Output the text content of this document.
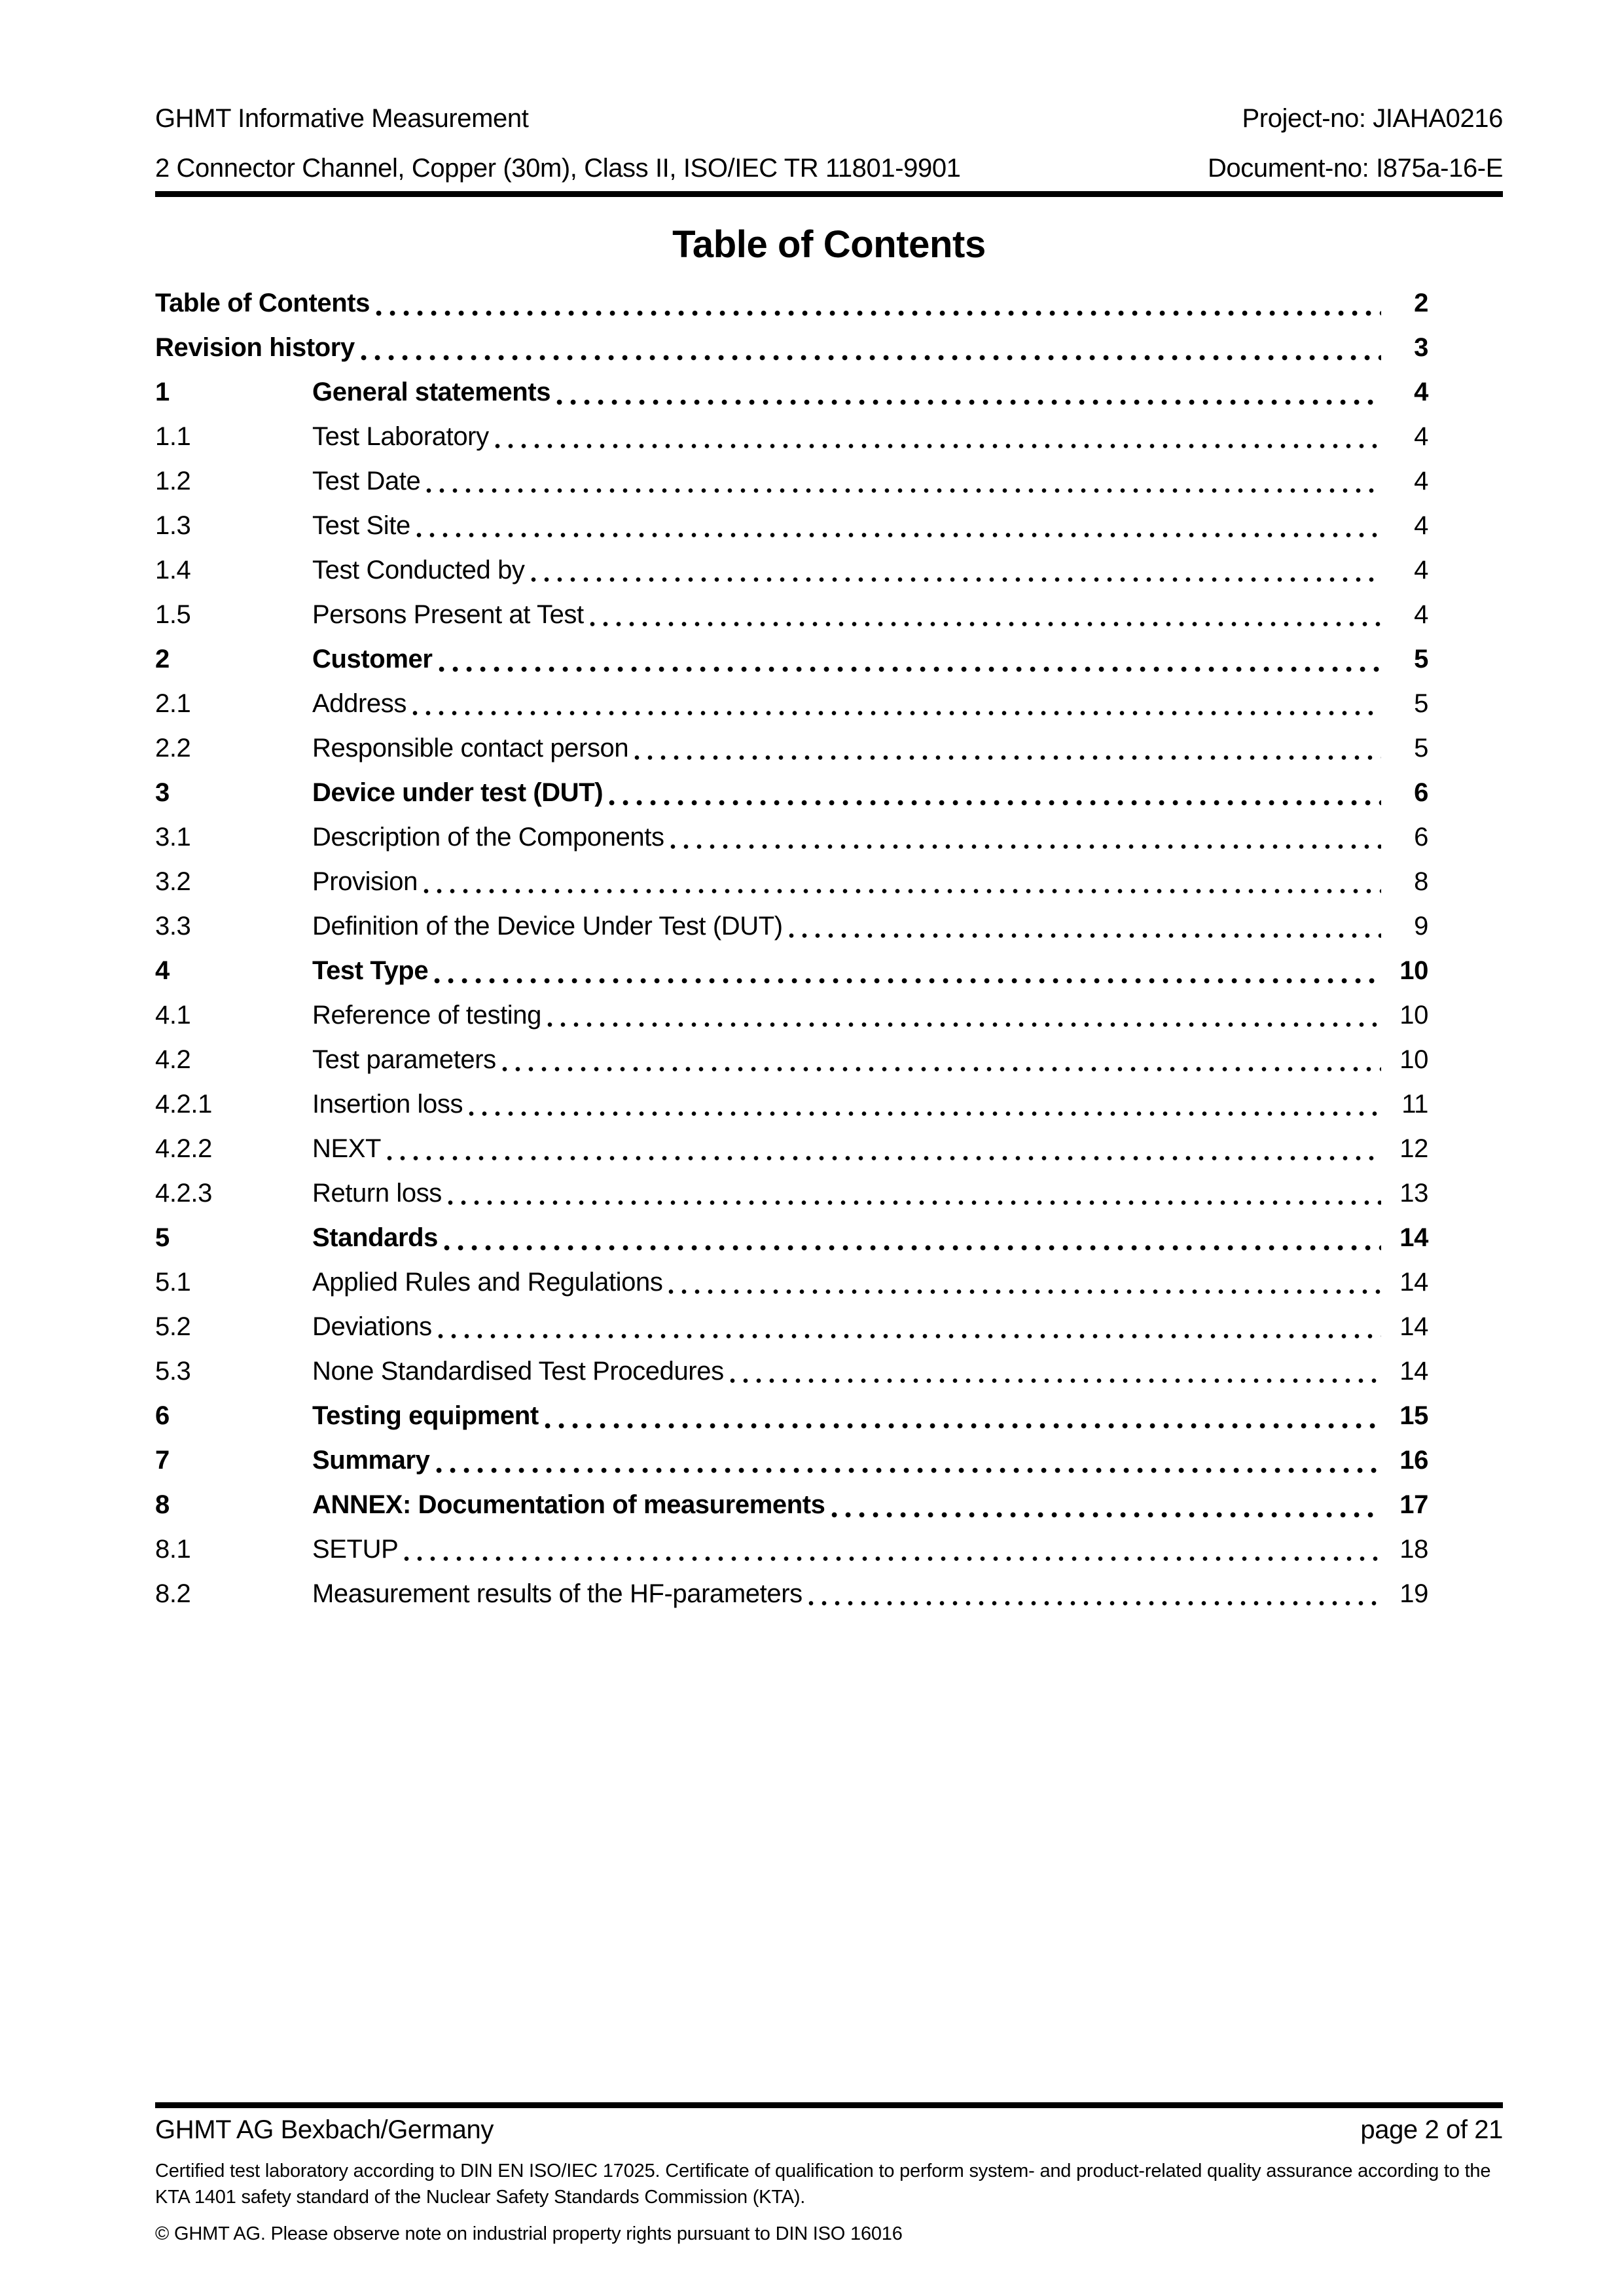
GHMT Informative Measurement	Project-no: JIAHA0216
2 Connector Channel, Copper (30m), Class II, ISO/IEC TR 11801-9901	Document-no: I875a-16-E
Table of Contents
Table of Contents	2
Revision history	3
1	General statements	4
1.1	Test Laboratory	4
1.2	Test Date	4
1.3	Test Site	4
1.4	Test Conducted by	4
1.5	Persons Present at Test	4
2	Customer	5
2.1	Address	5
2.2	Responsible contact person	5
3	Device under test (DUT)	6
3.1	Description of the Components	6
3.2	Provision	8
3.3	Definition of the Device Under Test (DUT)	9
4	Test Type	10
4.1	Reference of testing	10
4.2	Test parameters	10
4.2.1	Insertion loss	11
4.2.2	NEXT	12
4.2.3	Return loss	13
5	Standards	14
5.1	Applied Rules and Regulations	14
5.2	Deviations	14
5.3	None Standardised Test Procedures	14
6	Testing equipment	15
7	Summary	16
8	ANNEX: Documentation of measurements	17
8.1	SETUP	18
8.2	Measurement results of the HF-parameters	19
GHMT AG Bexbach/Germany	page 2 of 21

Certified test laboratory according to DIN EN ISO/IEC 17025. Certificate of qualification to perform system- and product-related quality assurance according to the KTA 1401 safety standard of the Nuclear Safety Standards Commission (KTA).

© GHMT AG. Please observe note on industrial property rights pursuant to DIN ISO 16016
